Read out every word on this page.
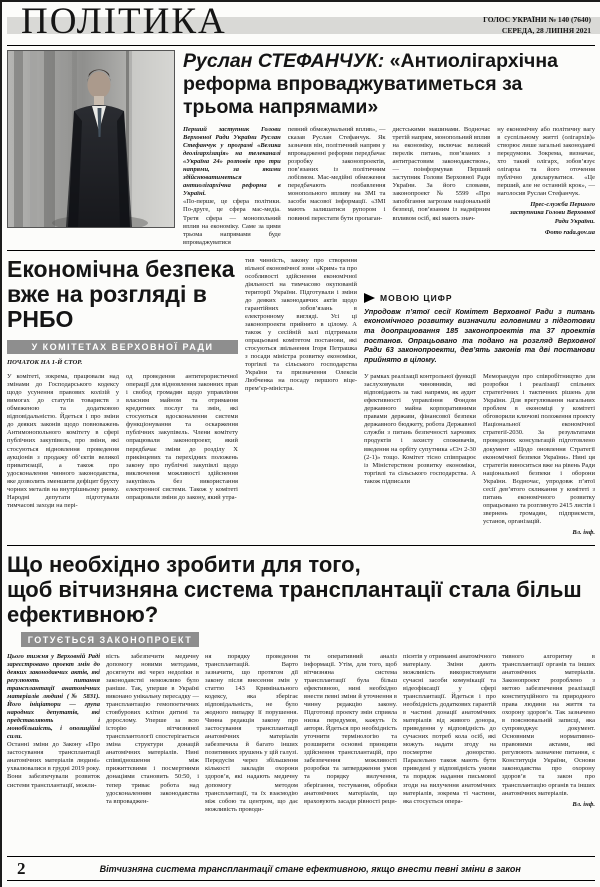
ПОЛІТИКА	ГОЛОС УКРАЇНИ № 140 (7640)
СЕРЕДА, 28 ЛИПНЯ 2021
Руслан СТЕФАНЧУК: «Антиолігархічна реформа впроваджуватиметься за трьома напрямами»

Перший заступник Голови Верховної Ради України Руслан Стефанчук у програмі «Велика деолігархізація» на телеканалі «Україна 24» розповів про три напрями, за якими здійснюватиметься антиолігархічна реформа в Україні.

«По-перше, це сфера політики. По-друге, це сфера мас-медіа. Третя сфера — монопольний вплив на економіку. Саме за цими трьома напрямами буде впроваджуватися

певний обмежувальний вплив», — сказав Руслан Стефанчук. Як зазначив він, політичний напрям у впровадженні реформи передбачає розробку законопроектів, пов’язаних із політичним лобізмом. Мас-медійні обмеження передбачають позбавлення монопольного впливу на ЗМІ та засоби масової інформації. «ЗМІ мають залишатися рупором і повинні перестати бути пропаган-

дистськими машинами. Водночас третій напрям, монопольний вплив на економіку, включає великий перелік питань, пов’язаних з антитрастовим законодавством», — поінформував Перший заступник Голови Верховної Ради України. За його словами, законопроект № 5599 «Про запобігання загрозам національній безпеці, пов’язаним із надмірним впливом осіб, які мають знач-

ну економічну або політичну вагу в суспільному житті (олігархів)» створює лише загальні законодавчі передумови. Зокрема, визначає, хто такий олігарх, зобов’язує олігарха та його оточення публічно декларуватися. «Це перший, але не останній крок», — наголосив Руслан Стефанчук.

Прес-служба Першого заступника Голови Верховної Ради України.

Фото rada.gov.ua

Економічна безпека
вже на розгляді в РНБО
У КОМІТЕТАХ ВЕРХОВНОЇ РАДИ
ПОЧАТОК НА 1-Й СТОР.

тив чинність, закону про створення вільної економічної зони «Крим» та про особливості здійснення економічної діяльності на тимчасово окупованій території України. Підготували і зміни до деяких законодавчих актів щодо гарантійних зобов’язань в електронному вигляді. Усі ці законопроекти прийнято в цілому. А також у сесійній залі підтримали опрацьовані комітетом постанови, які стосуються звільнення Ігоря Петрашка з посади міністра розвитку економіки, торгівлі та сільського господарства України та призначення Олексія Любченка на посаду першого віце-прем’єр-міністра.

МОВОЮ ЦИФР

Упродовж п’ятої сесії Комітет Верховної Ради з питань економічного розвитку визначили головними з підготовки та доопрацювання 185 законопроектів та 37 проектів постанов. Опрацьовано та подано на розгляд Верховної Ради 63 законопроекти, дев’ять законів та дві постанови прийнято в цілому.

У комітеті, зокрема, працювали над змінами до Господарського кодексу щодо усунення правових колізій у вимогах до статутів товариств з обмеженою та додатковою відповідальністю. Йдеться і про зміни до деяких законів щодо повноважень Антимонопольного комітету в сфері публічних закупівель, про зміни, які стосуються відновлення проведення аукціонів з продажу об’єктів великої приватизації, а також про удосконалення чинного законодавства, яке дозволить зменшити дефіцит брухту чорних металів на внутрішньому ринку. Народні депутати підготували тимчасові заходи на пері-

од проведення антитерористичної операції для відновлення законних прав і свобод громадян щодо управління власним майном та отримання кредитних послуг та змін, які стосуються вдосконалення системи функціонування та оскарження публічних закупівель. Члени комітету опрацювали законопроект, який передбачає зміни до розділу X прикінцевих та перехідних положень закону про публічні закупівлі щодо виключення можливості здійснення закупівель без використання електронної системи. Також у комітеті опрацювали зміни до закону, який утра-

У рамках реалізації контрольної функції заслуховували чиновників, які відповідають за такі напрями, як аудит ефективності управління Фондом державного майна корпоративними правами держави, фінансової безпеки державного бюджету, робота Державної служби з питань безпечності харчових продуктів і захисту споживачів, введення на орбіту супутника «Січ 2-30 (2-1)» тощо. Комітет тісно співпрацює із Міністерством розвитку економіки, торгівлі та сільського господарства. А також підписали

Меморандум про співробітництво для розробки і реалізації спільних стратегічних і тактичних рішень для України. Для врегулювання нагальних проблем в економіці у комітеті обговорили ключові положення проекту Національної економічної стратегії-2030. За результатами проведених консультацій підготовлено документ «Щодо оновлення Стратегії економічної безпеки України». Нині ця стратегія виноситься вже на рівень Ради національної безпеки і оборони України. Водночас, упродовж п’ятої сесії дев’ятого скликання у комітеті з питань економічного розвитку опрацьовано та розглянуто 2415 листів і звернень громадян, підприємств, установ, організацій.

Вл. інф.

Що необхідно зробити для того,
щоб вітчизняна система трансплантації стала більш
ефективною?
ГОТУЄТЬСЯ ЗАКОНОПРОЕКТ

Цього тижня у Верховній Раді зареєстровано проект змін до деяких законодавчих актів, які регулюють питання трансплантації анатомічних матеріалів людині (№ 5831). Його ініціатори — група народних депутатів, які представляють і монобільшість, і опозиційні сили.

Останні зміни до Закону «Про застосування трансплантації анатомічних матеріалів людині» ухвалювалися в грудні 2019 року. Вони забезпечували розвиток системи трансплантації, можли-

вість забезпечити медичну допомогу новими методами, досягнути які через недоліки в законодавстві неможливо було раніше. Так, уперше в Україні виконано унікальну пересадку — трансплантацію гемопоетичних стовбурових клітин дитині та дорослому. Уперше за всю історію вітчизняної трансплантології спостерігається зміна структури донацій анатомічних матеріалів. Нині співвідношення між прижиттєвими і посмертними донаціями становить 50:50, і тепер триває робота над удосконаленням законодавства та впроваджен-

ня порядку проведення трансплантацій. Варто зазначити, що протягом дії закону після внесення змін у статтю 143 Кримінального кодексу, яка зберігає відповідальність, не було жодного випадку її порушення. Чинна редакція закону про застосування трансплантації анатомічних матеріалів забезпечила й багато інших позитивних зрушень у цій галузі. Передусім через збільшення кількості закладів охорони здоров’я, які надають медичну допомогу методом трансплантації, та їх взаємодію між собою та центром, що дає можливість проводи-

ти оперативний аналіз інформації. Утім, для того, щоб вітчизняна система трансплантації була більш ефективною, нині необхідно внести певні зміни й уточнення в чинну редакцію закону. Підготовці проекту змін сприяла низка передумов, кажуть їх автори. Йдеться про необхідність уточнити термінологію та розширити основні принципи здійснення трансплантацій, про забезпечення можливості розробки та затвердження умов та порядку вилучення, зберігання, тестування, обробки анатомічних матеріалів, що враховують засади рівності реци-

пієнтів у отриманні анатомічного матеріалу. Зміни дають можливість використовувати сучасні засоби комунікації та відеофіксації у сфері трансплантації. Йдеться і про необхідність додаткових гарантій в частині донації анатомічних матеріалів від живого донора, приведення у відповідність до сучасних потреб кола осіб, які можуть надати згоду на посмертне донорство. Паралельно також мають бути приведені у відповідність умови та порядок надання письмової згоди на вилучення анатомічних матеріалів, зокрема ті частини, яка стосується опера-

тивного алгоритму в трансплантації органів та інших анатомічних матеріалів. Законопроект розроблено з метою забезпечення реалізації конституційного та природного права людини на життя та охорону здоров’я. Так зазначено в пояснювальній записці, яка супроводжує документ. Основними нормативно-правовими актами, які регулюють зазначене питання, є Конституція України, Основи законодавства про охорону здоров’я та закон про трансплантацію органів та інших анатомічних матеріалів.

Вл. інф.

2	Вітчизняна система трансплантації стане ефективною, якщо внести певні зміни в закон
